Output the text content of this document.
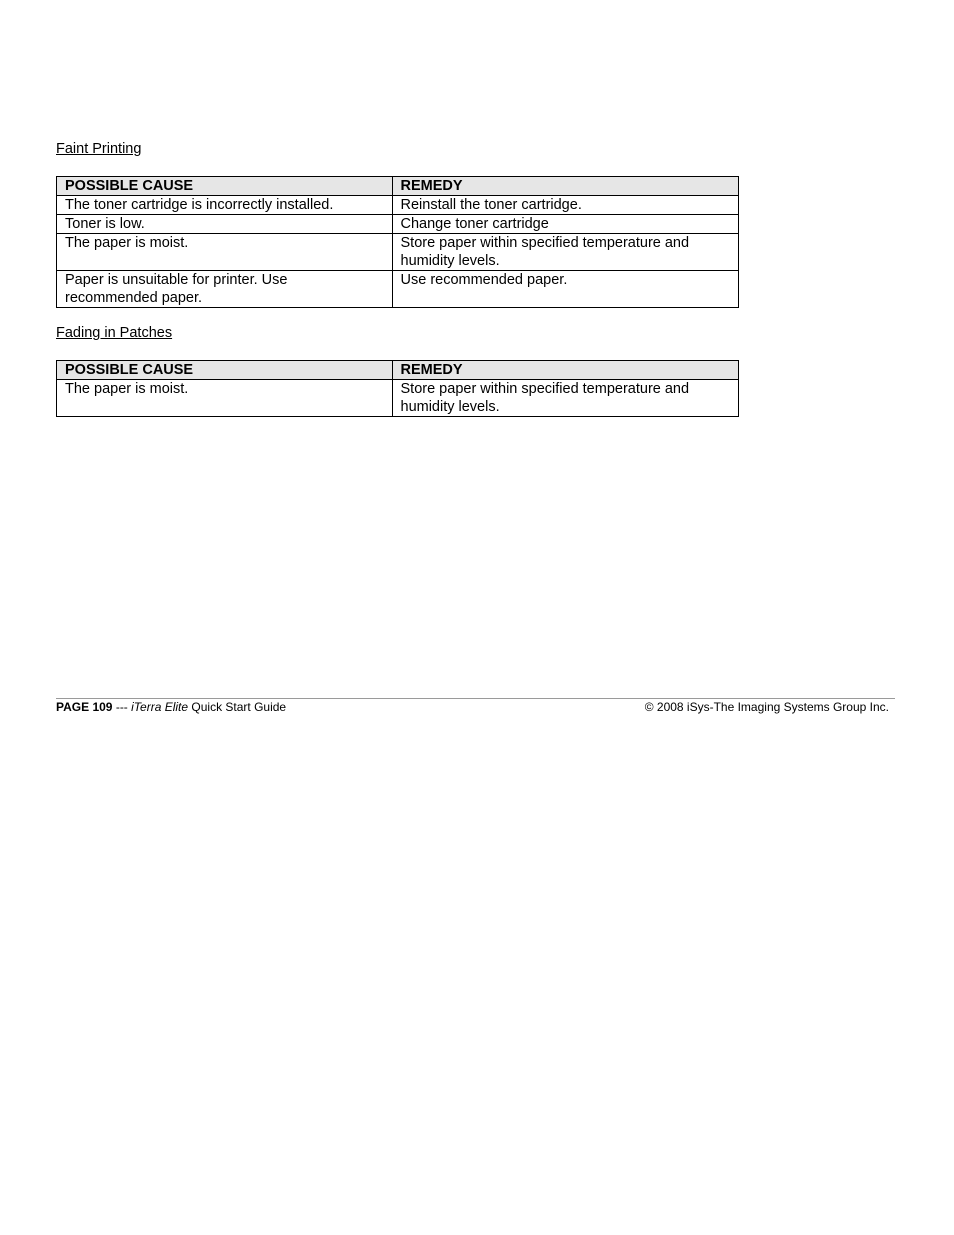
Faint Printing
POSSIBLE CAUSE	REMEDY
The toner cartridge is incorrectly installed.	Reinstall the toner cartridge.
Toner is low.	Change toner cartridge
The paper is moist.	Store paper within specified temperature and humidity levels.
Paper is unsuitable for printer. Use recommended paper.	Use recommended paper.
Fading in Patches
POSSIBLE CAUSE	REMEDY
The paper is moist.	Store paper within specified temperature and humidity levels.
PAGE 109 --- iTerra Elite Quick Start Guide	© 2008 iSys-The Imaging Systems Group Inc.
